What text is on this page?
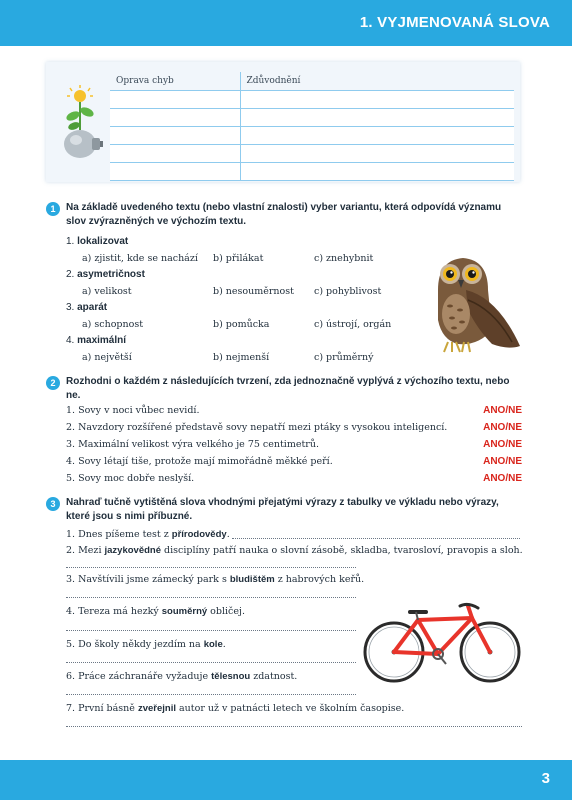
1. VYJMENOVANÁ SLOVA
Oprava chyb	Zdůvodnění

1	Na základě uvedeného textu (nebo vlastní znalosti) vyber variantu, která odpovídá významu slov zvýrazněných ve výchozím textu.
1. lokalizovat
a) zjistit, kde se nachází b) přilákat	c) znehybnit
2. asymetričnost
a) velikost	b) nesouměrnost c) pohyblivost
3. aparát
a) schopnost	b) pomůcka	c) ústrojí, orgán
4. maximální
a) největší	b) nejmenší	c) průměrný
2	Rozhodni o každém z následujících tvrzení, zda jednoznačně vyplývá z výchozího textu, nebo ne.
1. Sovy v noci vůbec nevidí.	ANO/NE
2. Navzdory rozšířené představě sovy nepatří mezi ptáky s vysokou inteligencí.	ANO/NE
3. Maximální velikost výra velkého je 75 centimetrů.	ANO/NE
4. Sovy létají tiše, protože mají mimořádně měkké peří.	ANO/NE
5. Sovy moc dobře neslyší.	ANO/NE
3	Nahraď tučně vytištěná slova vhodnými přejatými výrazy z tabulky ve výkladu nebo výrazy, které jsou s nimi příbuzné.
1. Dnes píšeme test z přírodovědy.
2. Mezi jazykovědné disciplíny patří nauka o slovní zásobě, skladba, tvarosloví, pravopis a sloh.
3. Navštívili jsme zámecký park s bludištěm z habrových keřů.
4. Tereza má hezký souměrný obličej.
5. Do školy někdy jezdím na kole.
6. Práce záchranáře vyžaduje tělesnou zdatnost.
7. První básně zveřejnil autor už v patnácti letech ve školním časopise.
3
